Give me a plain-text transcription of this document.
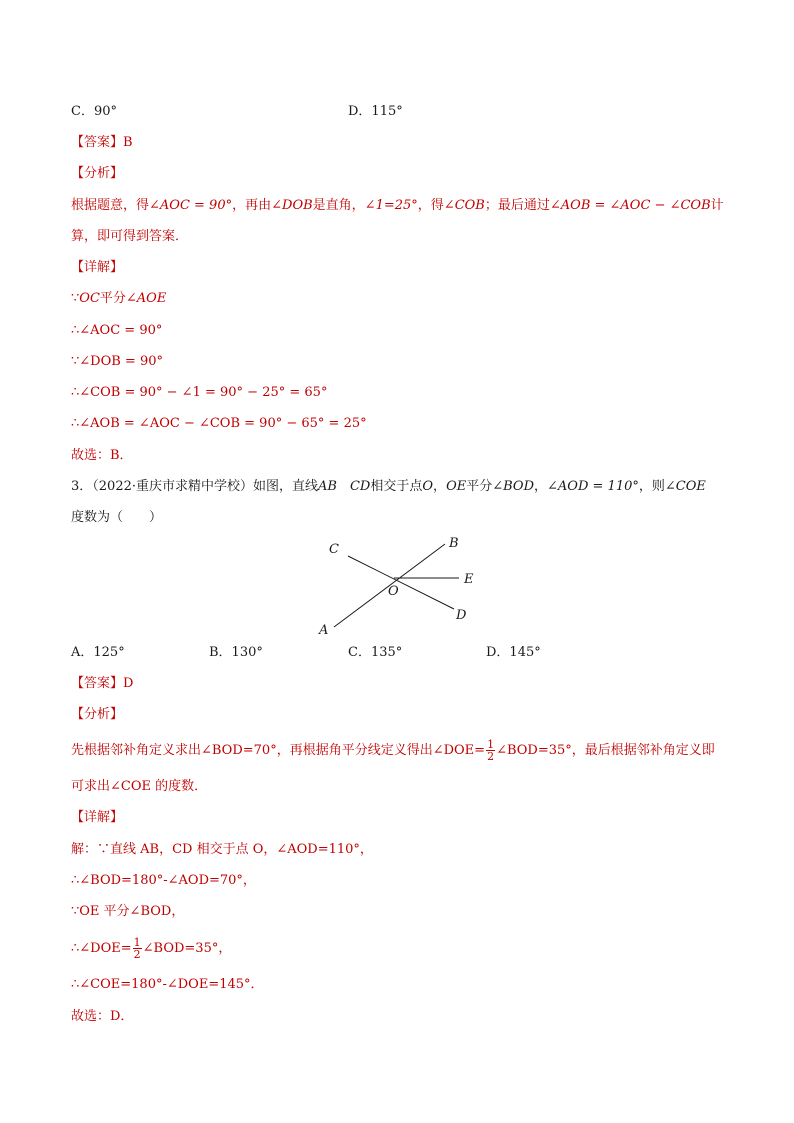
C．90°	D．115°
【答案】B
【分析】
根据题意，得∠AOC = 90°，再由∠DOB是直角，∠1=25°，得∠COB；最后通过∠AOB = ∠AOC − ∠COB计
算，即可得到答案．
【详解】
∵OC平分∠AOE
∴∠AOC = 90°
∵∠DOB = 90°
∴∠COB = 90° − ∠1 = 90° − 25° = 65°
∴∠AOB = ∠AOC − ∠COB = 90° − 65° = 25°
故选：B．
3．（2022·重庆市求精中学校）如图，直线AB　 CD相交于点O，OE平分∠BOD，∠AOD = 110°，则∠COE
度数为（　　）
C	B
E
O
D
A
A．125°	B．130°	C．135°	D．145°
【答案】D
【分析】
先根据邻补角定义求出∠BOD=70°，再根据角平分线定义得出∠DOE= $\frac{1}{2}$ ∠BOD=35°，最后根据邻补角定义即
可求出∠COE 的度数．
【详解】
解：∵直线 AB，CD 相交于点 O，∠AOD=110°，
∴∠BOD=180°-∠AOD=70°，
∵OE 平分∠BOD，
∴∠DOE= $\frac{1}{2}$ ∠BOD=35°，
∴∠COE=180°-∠DOE=145°．
故选：D．
